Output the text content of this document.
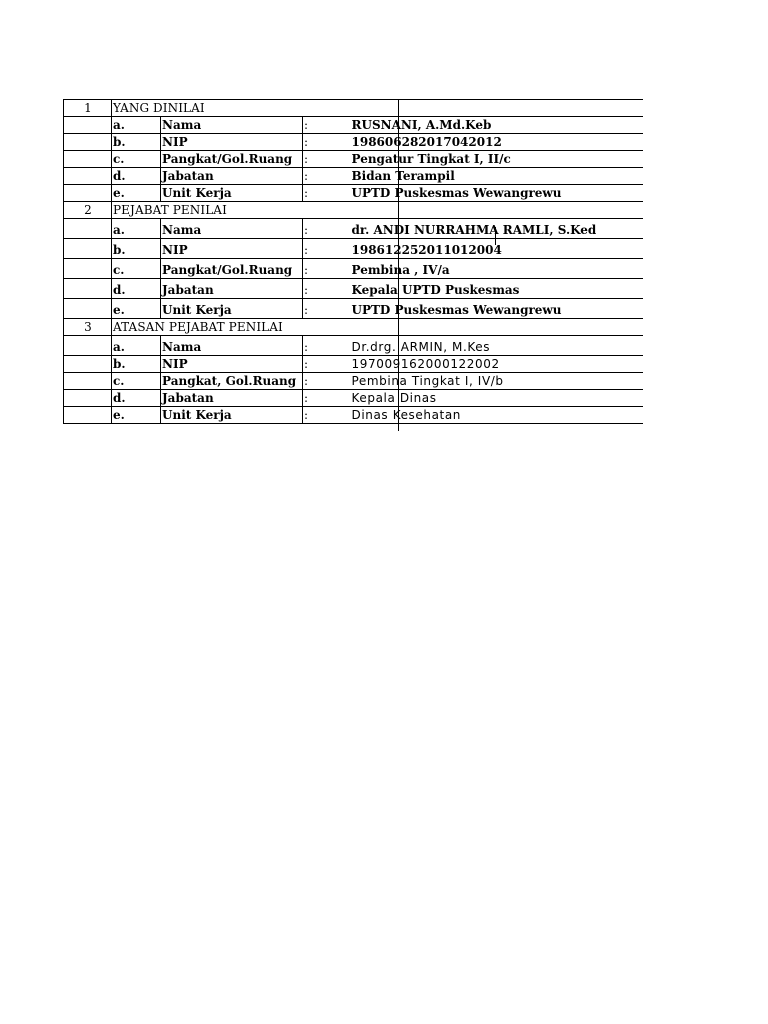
1	YANG DINILAI			
	a.	Nama	:	RUSNANI, A.Md.Keb
	b.	NIP	:	198606282017042012
	c.	Pangkat/Gol.Ruang	:	Pengatur Tingkat I, II/c
	d.	Jabatan	:	Bidan Terampil
	e.	Unit Kerja	:	UPTD Puskesmas Wewangrewu
2	PEJABAT PENILAI			
	a.	Nama	:	dr. ANDI NURRAHMA RAMLI, S.Ked
	b.	NIP	:	198612252011012004
	c.	Pangkat/Gol.Ruang	:	Pembina , IV/a
	d.	Jabatan	:	Kepala UPTD Puskesmas
	e.	Unit Kerja	:	UPTD Puskesmas Wewangrewu
3	ATASAN PEJABAT PENILAI			
	a.	Nama	:	Dr.drg. ARMIN, M.Kes
	b.	NIP	:	197009162000122002
	c.	Pangkat, Gol.Ruang	:	Pembina Tingkat I, IV/b
	d.	Jabatan	:	Kepala Dinas
	e.	Unit Kerja	:	Dinas Kesehatan
